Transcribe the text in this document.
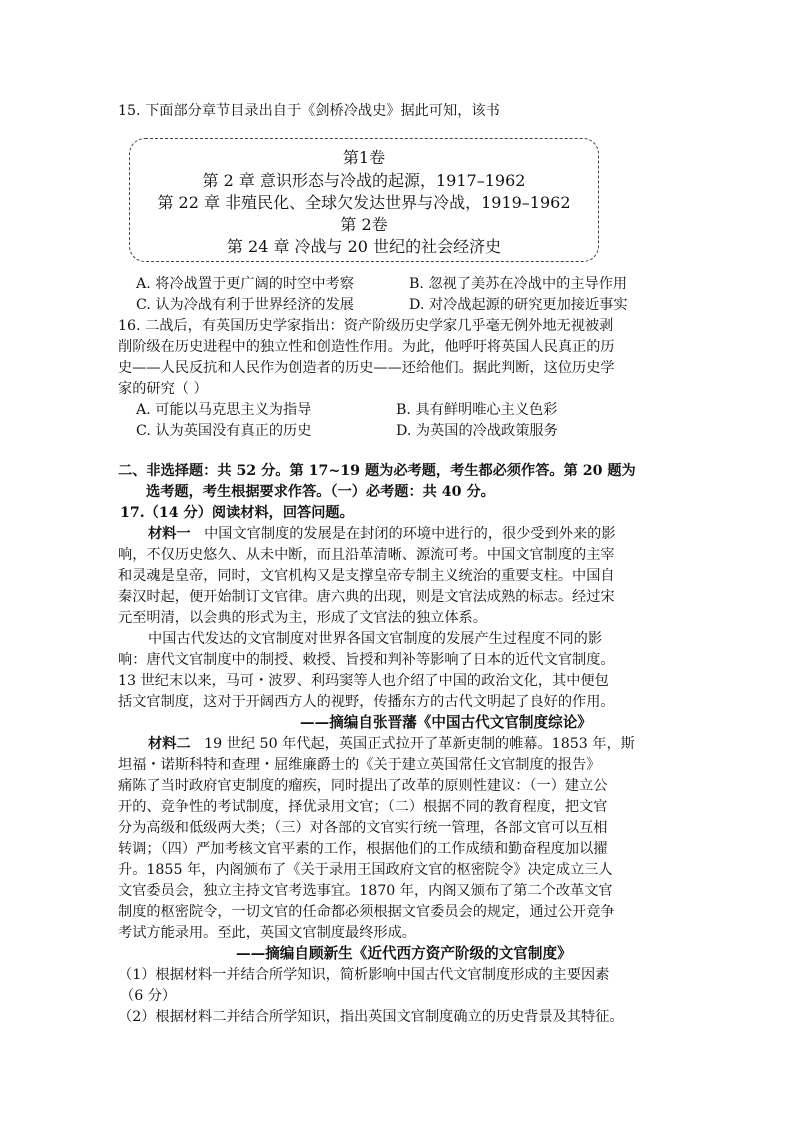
15. 下面部分章节目录出自于《剑桥冷战史》据此可知，该书
第1卷
第 2 章 意识形态与冷战的起源，1917–1962
第 22 章 非殖民化、全球欠发达世界与冷战，1919–1962
第 2卷
第 24 章 冷战与 20 世纪的社会经济史
A. 将冷战置于更广阔的时空中考察	B. 忽视了美苏在冷战中的主导作用
C. 认为冷战有利于世界经济的发展	D. 对冷战起源的研究更加接近事实
16. 二战后，有英国历史学家指出：资产阶级历史学家几乎毫无例外地无视被剥
削阶级在历史进程中的独立性和创造性作用。为此，他呼吁将英国人民真正的历
史——人民反抗和人民作为创造者的历史——还给他们。据此判断，这位历史学
家的研究（ ）
A. 可能以马克思主义为指导	B. 具有鲜明唯心主义色彩
C. 认为英国没有真正的历史	D. 为英国的冷战政策服务
二、非选择题：共 52 分。第 17~19 题为必考题，考生都必须作答。第 20 题为
选考题，考生根据要求作答。（一）必考题：共 40 分。
17.（14 分）阅读材料，回答问题。
材料一 中国文官制度的发展是在封闭的环境中进行的，很少受到外来的影
响，不仅历史悠久、从未中断，而且沿革清晰、源流可考。中国文官制度的主宰
和灵魂是皇帝，同时，文官机构又是支撑皇帝专制主义统治的重要支柱。中国自
秦汉时起，便开始制订文官律。唐六典的出现，则是文官法成熟的标志。经过宋
元至明清，以会典的形式为主，形成了文官法的独立体系。
中国古代发达的文官制度对世界各国文官制度的发展产生过程度不同的影
响：唐代文官制度中的制授、敕授、旨授和判补等影响了日本的近代文官制度。
13 世纪末以来，马可・波罗、利玛窦等人也介绍了中国的政治文化，其中便包
括文官制度，这对于开阔西方人的视野，传播东方的古代文明起了良好的作用。
——摘编自张晋藩《中国古代文官制度综论》
材料二 19 世纪 50 年代起，英国正式拉开了革新吏制的帷幕。1853 年，斯
坦福・诺斯科特和查理・屈维廉爵士的《关于建立英国常任文官制度的报告》
痛陈了当时政府官吏制度的瘤疾，同时提出了改革的原则性建议：（一）建立公
开的、竞争性的考试制度，择优录用文官；（二）根据不同的教育程度，把文官
分为高级和低级两大类；（三）对各部的文官实行统一管理，各部文官可以互相
转调；（四）严加考核文官平素的工作，根据他们的工作成绩和勤奋程度加以擢
升。1855 年，内阁颁布了《关于录用王国政府文官的枢密院令》决定成立三人
文官委员会，独立主持文官考选事宜。1870 年，内阁又颁布了第二个改革文官
制度的枢密院令，一切文官的任命都必须根据文官委员会的规定，通过公开竞争
考试方能录用。至此，英国文官制度最终形成。
——摘编自顾新生《近代西方资产阶级的文官制度》
（1）根据材料一并结合所学知识，简析影响中国古代文官制度形成的主要因素
（6 分）
（2）根据材料二并结合所学知识，指出英国文官制度确立的历史背景及其特征。
